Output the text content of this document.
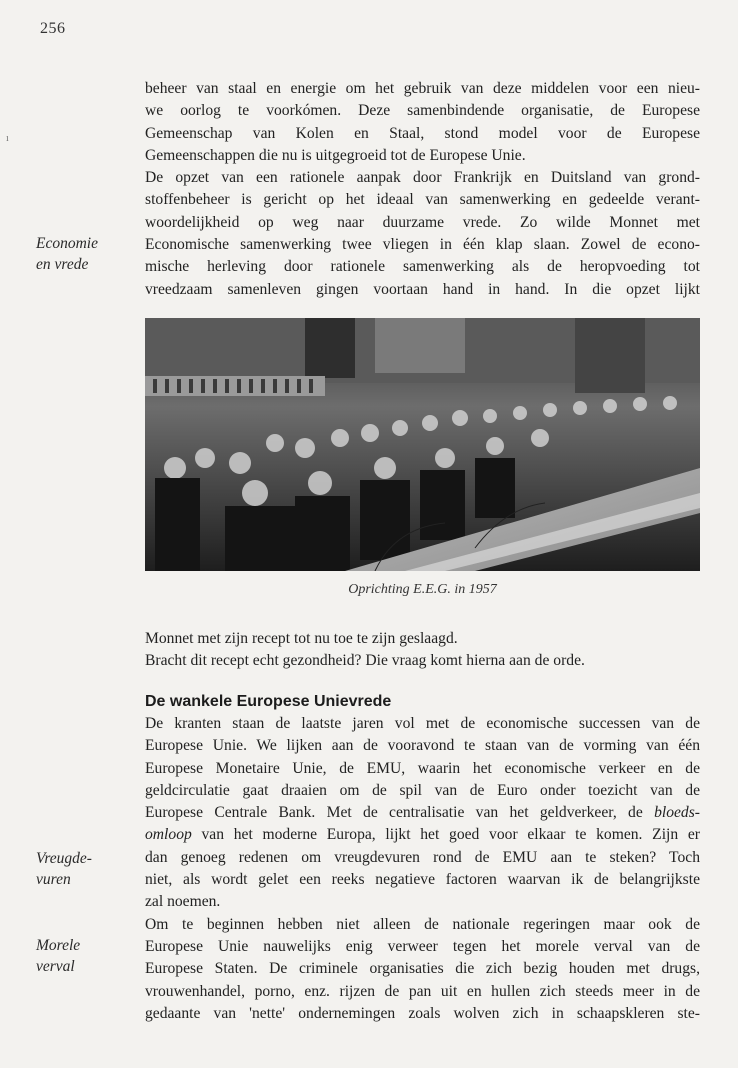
256
ı
Economie
en vrede
Vreugde-
vuren
Morele
verval
beheer van staal en energie om het gebruik van deze middelen voor een nieu-
we oorlog te voorkómen. Deze samenbindende organisatie, de Europese
Gemeenschap van Kolen en Staal, stond model voor de Europese
Gemeenschappen die nu is uitgegroeid tot de Europese Unie.
De opzet van een rationele aanpak door Frankrijk en Duitsland van grond-
stoffenbeheer is gericht op het ideaal van samenwerking en gedeelde verant-
woordelijkheid op weg naar duurzame vrede. Zo wilde Monnet met
Economische samenwerking twee vliegen in één klap slaan. Zowel de econo-
mische herleving door rationele samenwerking als de heropvoeding tot
vreedzaam samenleven gingen voortaan hand in hand. In die opzet lijkt
Oprichting E.E.G. in 1957
Monnet met zijn recept tot nu toe te zijn geslaagd.
Bracht dit recept echt gezondheid? Die vraag komt hierna aan de orde.
De wankele Europese Unievrede
De kranten staan de laatste jaren vol met de economische successen van de
Europese Unie. We lijken aan de vooravond te staan van de vorming van één
Europese Monetaire Unie, de EMU, waarin het economische verkeer en de
geldcirculatie gaat draaien om de spil van de Euro onder toezicht van de
Europese Centrale Bank. Met de centralisatie van het geldverkeer, de bloeds-
omloop van het moderne Europa, lijkt het goed voor elkaar te komen. Zijn er
dan genoeg redenen om vreugdevuren rond de EMU aan te steken? Toch
niet, als wordt gelet een reeks negatieve factoren waarvan ik de belangrijkste
zal noemen.
Om te beginnen hebben niet alleen de nationale regeringen maar ook de
Europese Unie nauwelijks enig verweer tegen het morele verval van de
Europese Staten. De criminele organisaties die zich bezig houden met drugs,
vrouwenhandel, porno, enz. rijzen de pan uit en hullen zich steeds meer in de
gedaante van 'nette' ondernemingen zoals wolven zich in schaapskleren ste-
